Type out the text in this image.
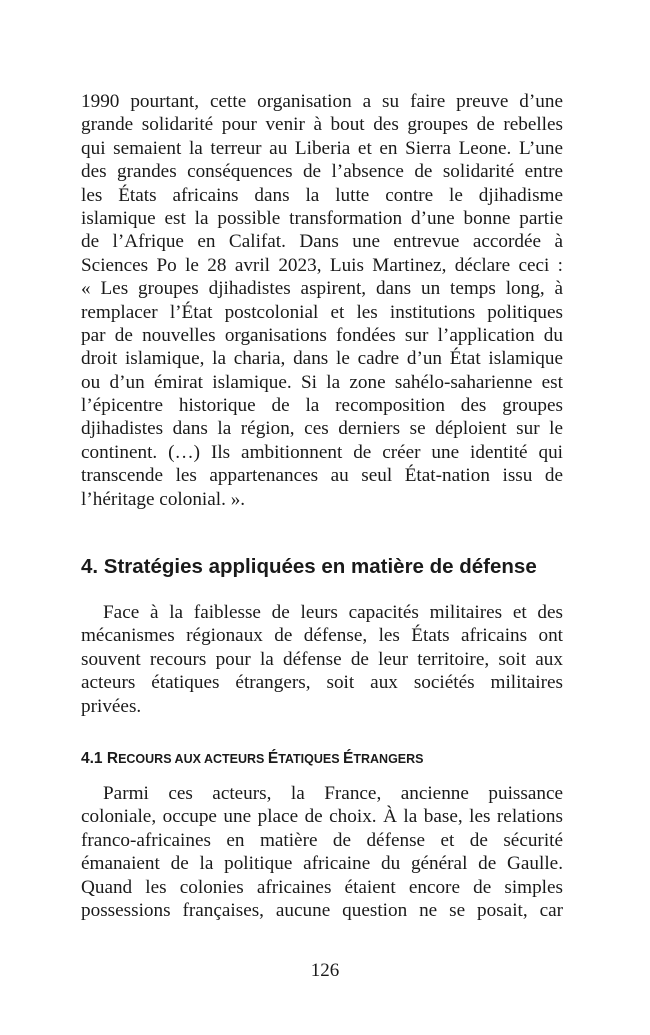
1990 pourtant, cette organisation a su faire preuve d’une
grande solidarité pour venir à bout des groupes de rebelles
qui semaient la terreur au Liberia et en Sierra Leone. L’une
des grandes conséquences de l’absence de solidarité entre
les États africains dans la lutte contre le djihadisme
islamique est la possible transformation d’une bonne partie
de l’Afrique en Califat. Dans une entrevue accordée à
Sciences Po le 28 avril 2023, Luis Martinez, déclare ceci :
« Les groupes djihadistes aspirent, dans un temps long, à
remplacer l’État postcolonial et les institutions politiques
par de nouvelles organisations fondées sur l’application du
droit islamique, la charia, dans le cadre d’un État islamique
ou d’un émirat islamique. Si la zone sahélo-saharienne est
l’épicentre historique de la recomposition des groupes
djihadistes dans la région, ces derniers se déploient sur le
continent. (…) Ils ambitionnent de créer une identité qui
transcende les appartenances au seul État-nation issu de
l’héritage colonial. ».
4. Stratégies appliquées en matière de défense
Face à la faiblesse de leurs capacités militaires et des
mécanismes régionaux de défense, les États africains ont
souvent recours pour la défense de leur territoire, soit aux
acteurs étatiques étrangers, soit aux sociétés militaires
privées.
4.1 RECOURS AUX ACTEURS ÉTATIQUES ÉTRANGERS
Parmi ces acteurs, la France, ancienne puissance
coloniale, occupe une place de choix. À la base, les relations
franco-africaines en matière de défense et de sécurité
émanaient de la politique africaine du général de Gaulle.
Quand les colonies africaines étaient encore de simples
possessions françaises, aucune question ne se posait, car
126
